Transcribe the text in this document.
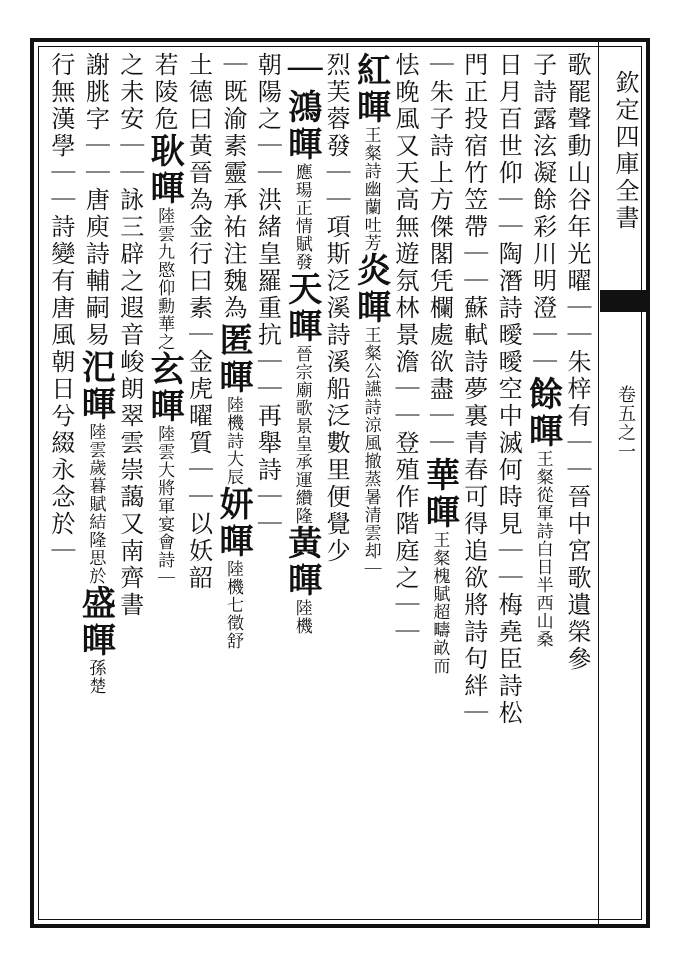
欽定四庫全書
卷五之一
歌罷聲動山谷年光曜｜｜朱梓有｜｜晉中宮歌遺榮參
子詩露泫凝餘彩川明澄｜｜餘暉王粲從軍詩白日半西山桑
日月百世仰｜｜陶潛詩曖曖空中滅何時見｜｜梅堯臣詩松
門正投宿竹笠帶｜｜蘇軾詩夢裏青春可得追欲將詩句絆｜
｜朱子詩上方傑閣凭欄處欲盡｜｜華暉王粲槐賦超疇畝而
怯晚風又天高無遊氛林景澹｜｜登殖作階庭之｜｜
紅暉王粲詩幽蘭吐芳炎暉王粲公讌詩涼風撤蒸暑清雲却｜
烈芙蓉發｜｜項斯泛溪詩溪船泛數里便覺少
｜鴻暉應瑒正情賦發天暉晉宗廟歌景皇承運纘隆黃暉陸機
朝陽之｜｜洪緒皇羅重抗｜｜再舉詩｜｜
｜既渝素靈承祐注魏為匿暉陸機詩大辰妍暉陸機七徵舒
土德曰黃晉為金行曰素｜金虎曜質｜｜以妖韶
若陵危耿暉陸雲九愍仰勳華之玄暉陸雲大將軍宴會詩｜
之未安｜｜詠三辟之遐音峻朗翠雲崇藹又南齊書
謝朓字｜｜唐庾詩輔嗣易汜暉陸雲歲暮賦結隆思於盛暉孫楚
行無漢學｜｜詩變有唐風朝日兮綴永念於｜
